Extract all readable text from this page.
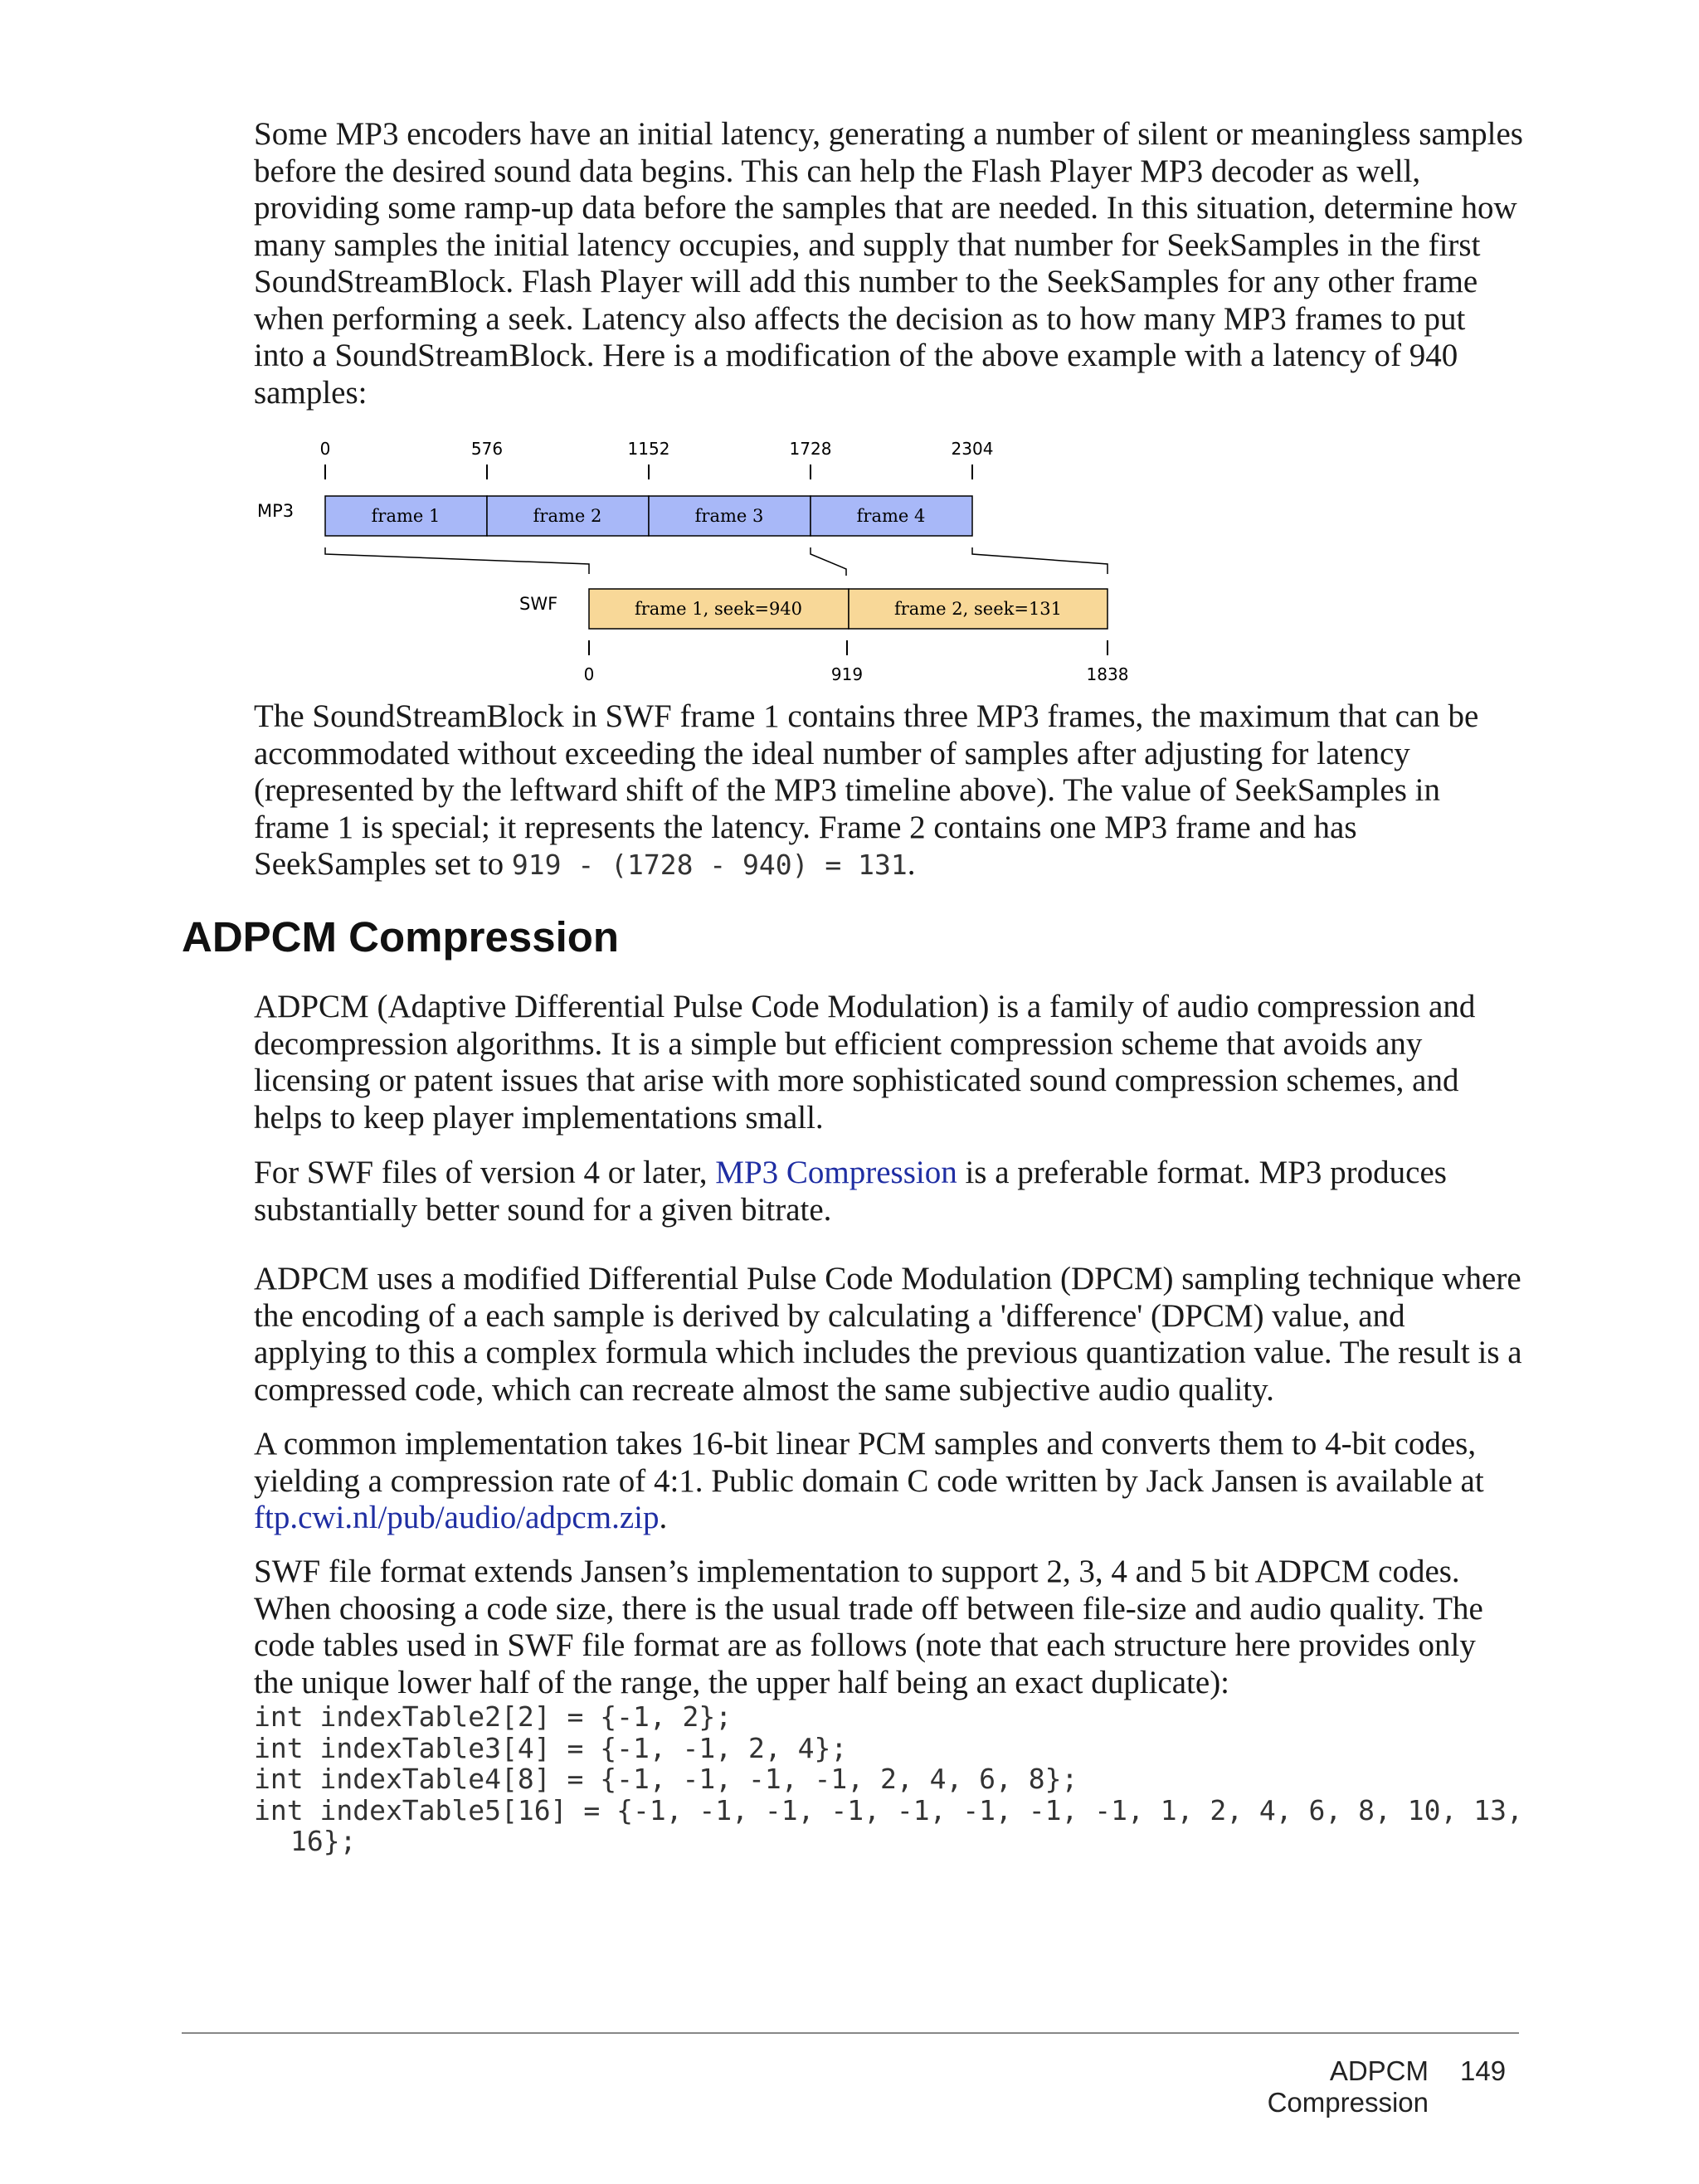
Some MP3 encoders have an initial latency, generating a number of silent or meaningless samples before the desired sound data begins. This can help the Flash Player MP3 decoder as well, providing some ramp-up data before the samples that are needed. In this situation, determine how many samples the initial latency occupies, and supply that number for SeekSamples in the first SoundStreamBlock. Flash Player will add this number to the SeekSamples for any other frame when performing a seek. Latency also affects the decision as to how many MP3 frames to put into a SoundStreamBlock. Here is a modification of the above example with a latency of 940 samples:

0	576	1152	1728	2304
MP3	frame 1	frame 2	frame 3	frame 4
SWF	frame 1, seek=940	frame 2, seek=131
0	919	1838

The SoundStreamBlock in SWF frame 1 contains three MP3 frames, the maximum that can be accommodated without exceeding the ideal number of samples after adjusting for latency (represented by the leftward shift of the MP3 timeline above). The value of SeekSamples in frame 1 is special; it represents the latency. Frame 2 contains one MP3 frame and has SeekSamples set to 919 - (1728 - 940) = 131.

ADPCM Compression

ADPCM (Adaptive Differential Pulse Code Modulation) is a family of audio compression and decompression algorithms. It is a simple but efficient compression scheme that avoids any licensing or patent issues that arise with more sophisticated sound compression schemes, and helps to keep player implementations small.

For SWF files of version 4 or later, MP3 Compression is a preferable format. MP3 produces substantially better sound for a given bitrate.

ADPCM uses a modified Differential Pulse Code Modulation (DPCM) sampling technique where the encoding of a each sample is derived by calculating a 'difference' (DPCM) value, and applying to this a complex formula which includes the previous quantization value. The result is a compressed code, which can recreate almost the same subjective audio quality.

A common implementation takes 16-bit linear PCM samples and converts them to 4-bit codes, yielding a compression rate of 4:1. Public domain C code written by Jack Jansen is available at ftp.cwi.nl/pub/audio/adpcm.zip.

SWF file format extends Jansen’s implementation to support 2, 3, 4 and 5 bit ADPCM codes. When choosing a code size, there is the usual trade off between file-size and audio quality. The code tables used in SWF file format are as follows (note that each structure here provides only the unique lower half of the range, the upper half being an exact duplicate):

int indexTable2[2] = {-1, 2};
int indexTable3[4] = {-1, -1, 2, 4};
int indexTable4[8] = {-1, -1, -1, -1, 2, 4, 6, 8};
int indexTable5[16] = {-1, -1, -1, -1, -1, -1, -1, -1, 1, 2, 4, 6, 8, 10, 13,
16};
ADPCM Compression
149
